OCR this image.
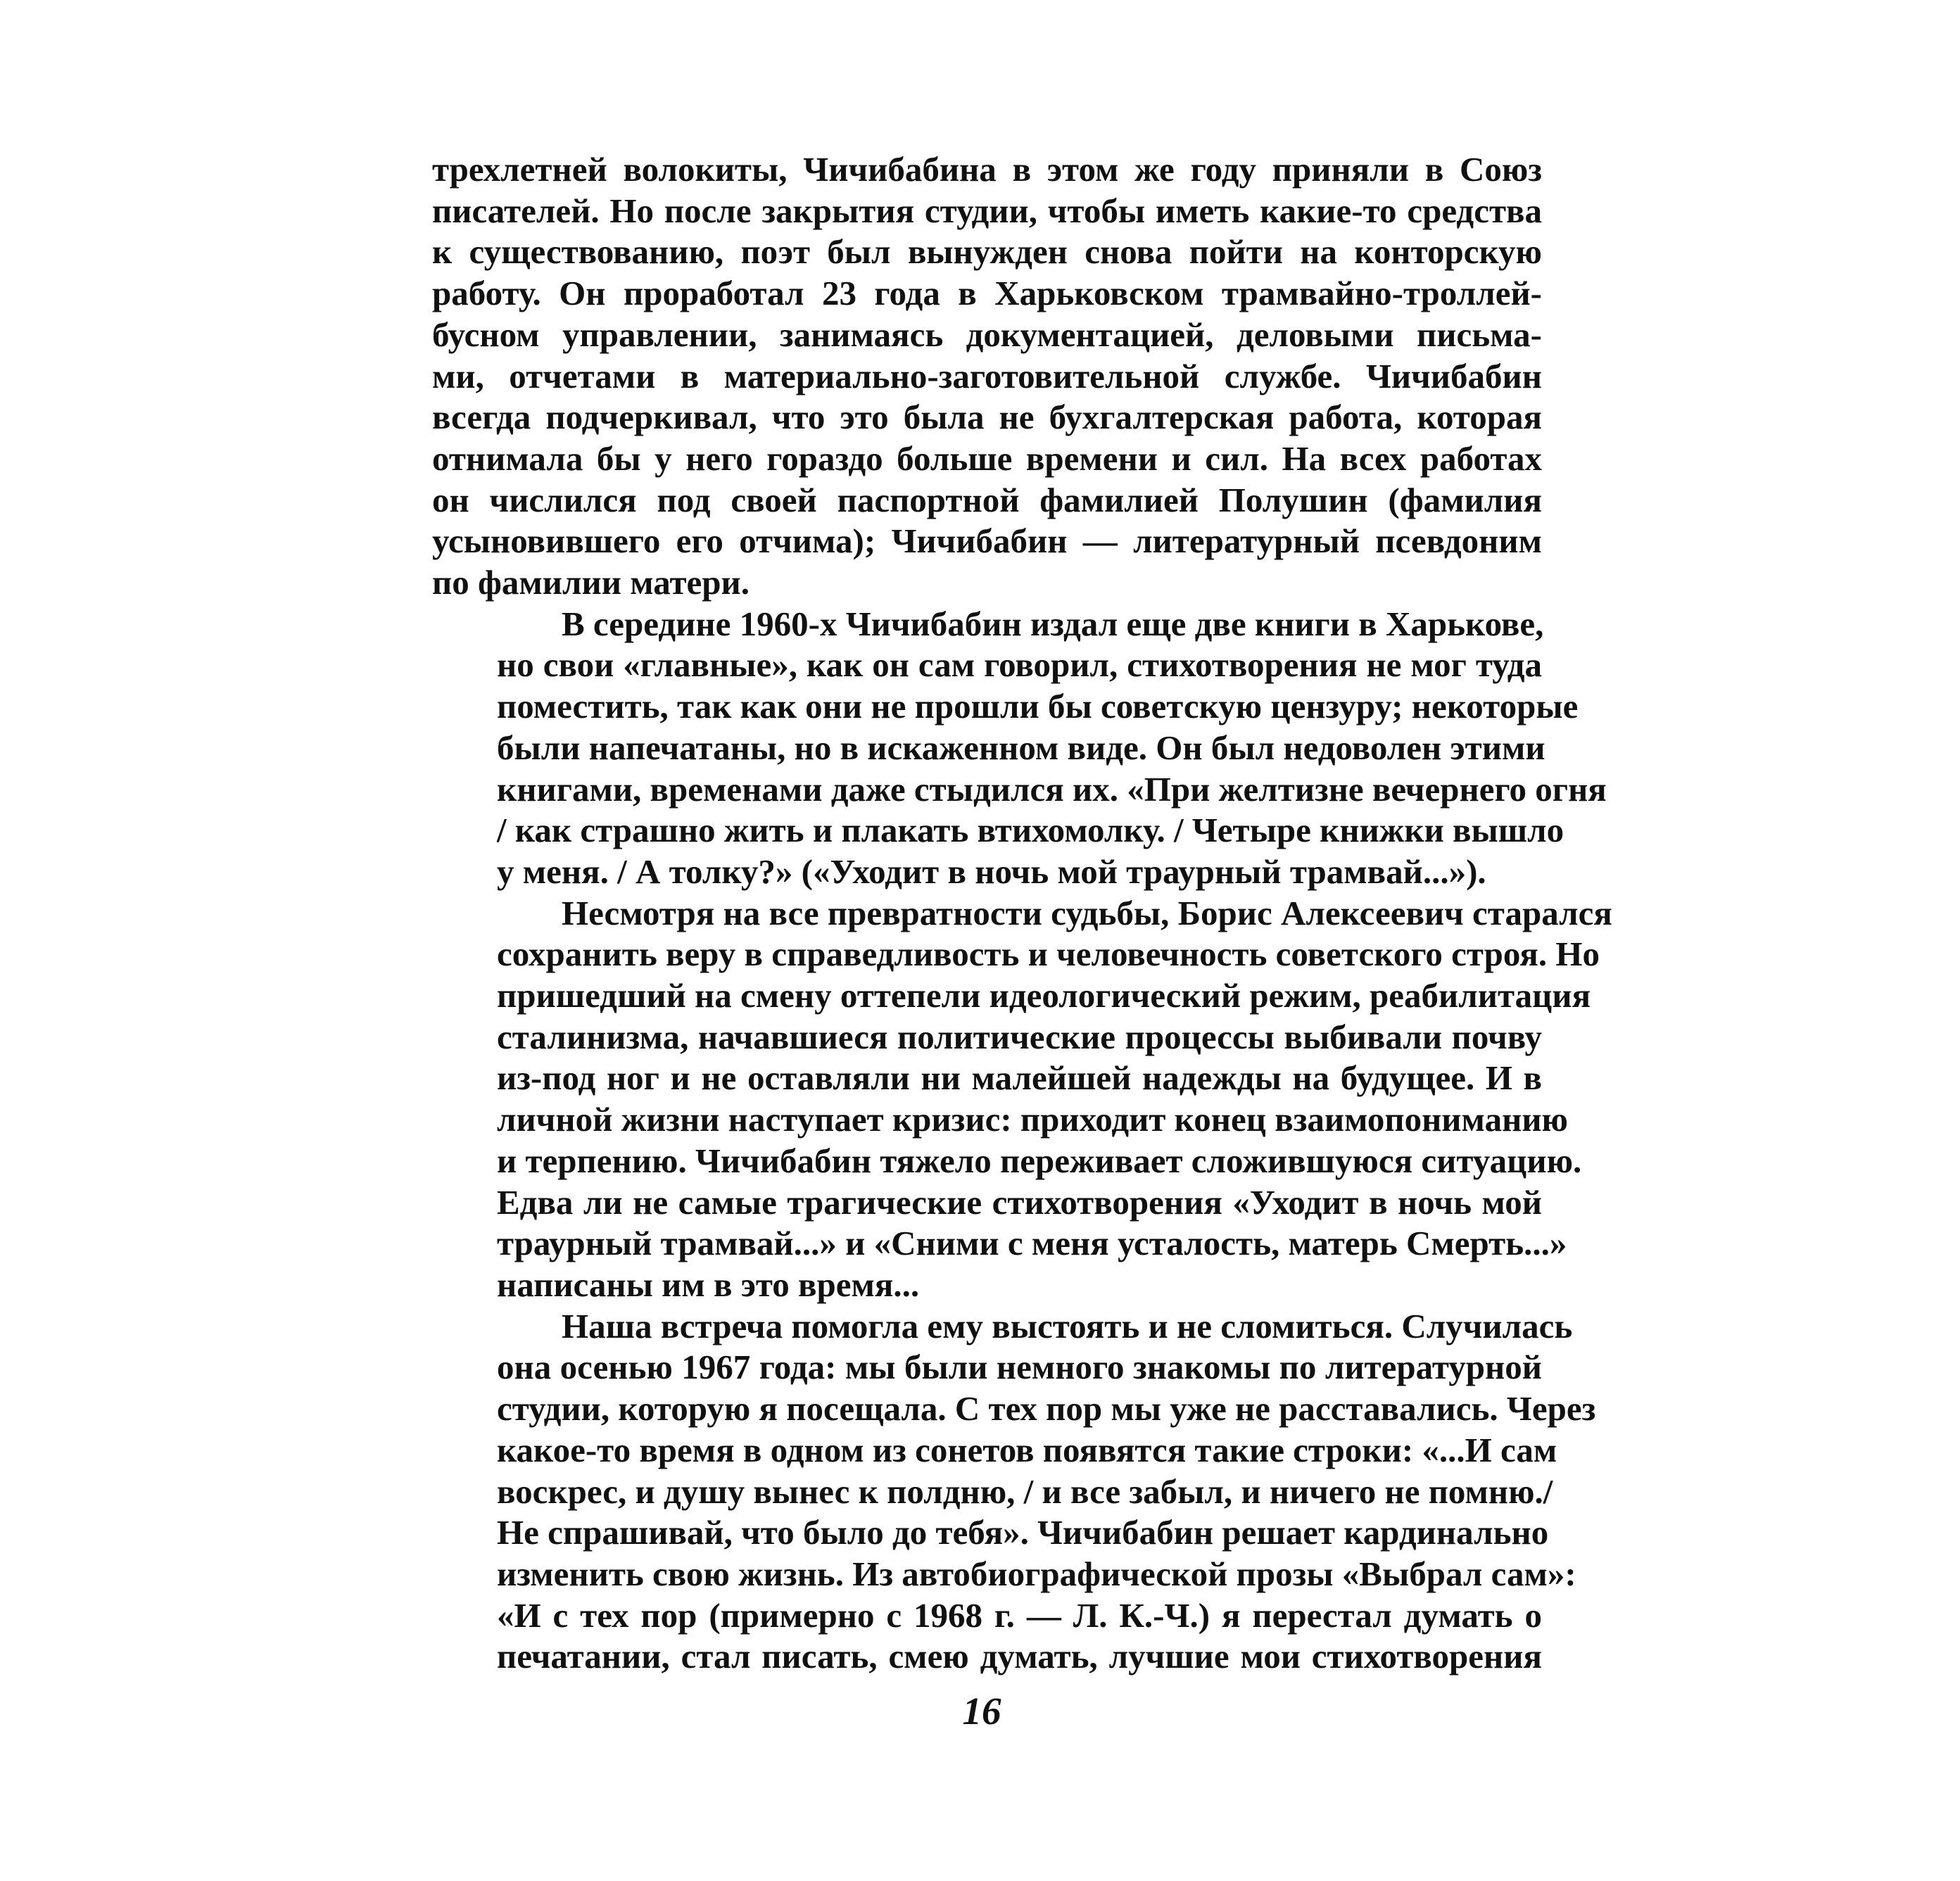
трехлетней волокиты, Чичибабина в этом же году приняли в Союз
писателей. Но после закрытия студии, чтобы иметь какие-то средства
к существованию, поэт был вынужден снова пойти на конторскую
работу. Он проработал 23 года в Харьковском трамвайно-троллей-
бусном управлении, занимаясь документацией, деловыми письма-
ми, отчетами в материально-заготовительной службе. Чичибабин
всегда подчеркивал, что это была не бухгалтерская работа, которая
отнимала бы у него гораздо больше времени и сил. На всех работах
он числился под своей паспортной фамилией Полушин (фамилия
усыновившего его отчима); Чичибабин — литературный псевдоним
по фамилии матери.
В середине 1960-х Чичибабин издал еще две книги в Харькове,
но свои «главные», как он сам говорил, стихотворения не мог туда
поместить, так как они не прошли бы советскую цензуру; некоторые
были напечатаны, но в искаженном виде. Он был недоволен этими
книгами, временами даже стыдился их. «При желтизне вечернего огня
/ как страшно жить и плакать втихомолку. / Четыре книжки вышло
у меня. / А толку?» («Уходит в ночь мой траурный трамвай...»).
Несмотря на все превратности судьбы, Борис Алексеевич старался
сохранить веру в справедливость и человечность советского строя. Но
пришедший на смену оттепели идеологический режим, реабилитация
сталинизма, начавшиеся политические процессы выбивали почву
из-под ног и не оставляли ни малейшей надежды на будущее. И в
личной жизни наступает кризис: приходит конец взаимопониманию
и терпению. Чичибабин тяжело переживает сложившуюся ситуацию.
Едва ли не самые трагические стихотворения «Уходит в ночь мой
траурный трамвай...» и «Сними с меня усталость, матерь Смерть...»
написаны им в это время...
Наша встреча помогла ему выстоять и не сломиться. Случилась
она осенью 1967 года: мы были немного знакомы по литературной
студии, которую я посещала. С тех пор мы уже не расставались. Через
какое-то время в одном из сонетов появятся такие строки: «...И сам
воскрес, и душу вынес к полдню, / и все забыл, и ничего не помню./
Не спрашивай, что было до тебя». Чичибабин решает кардинально
изменить свою жизнь. Из автобиографической прозы «Выбрал сам»:
«И с тех пор (примерно с 1968 г. — Л. К.-Ч.) я перестал думать о
печатании, стал писать, смею думать, лучшие мои стихотворения
16
